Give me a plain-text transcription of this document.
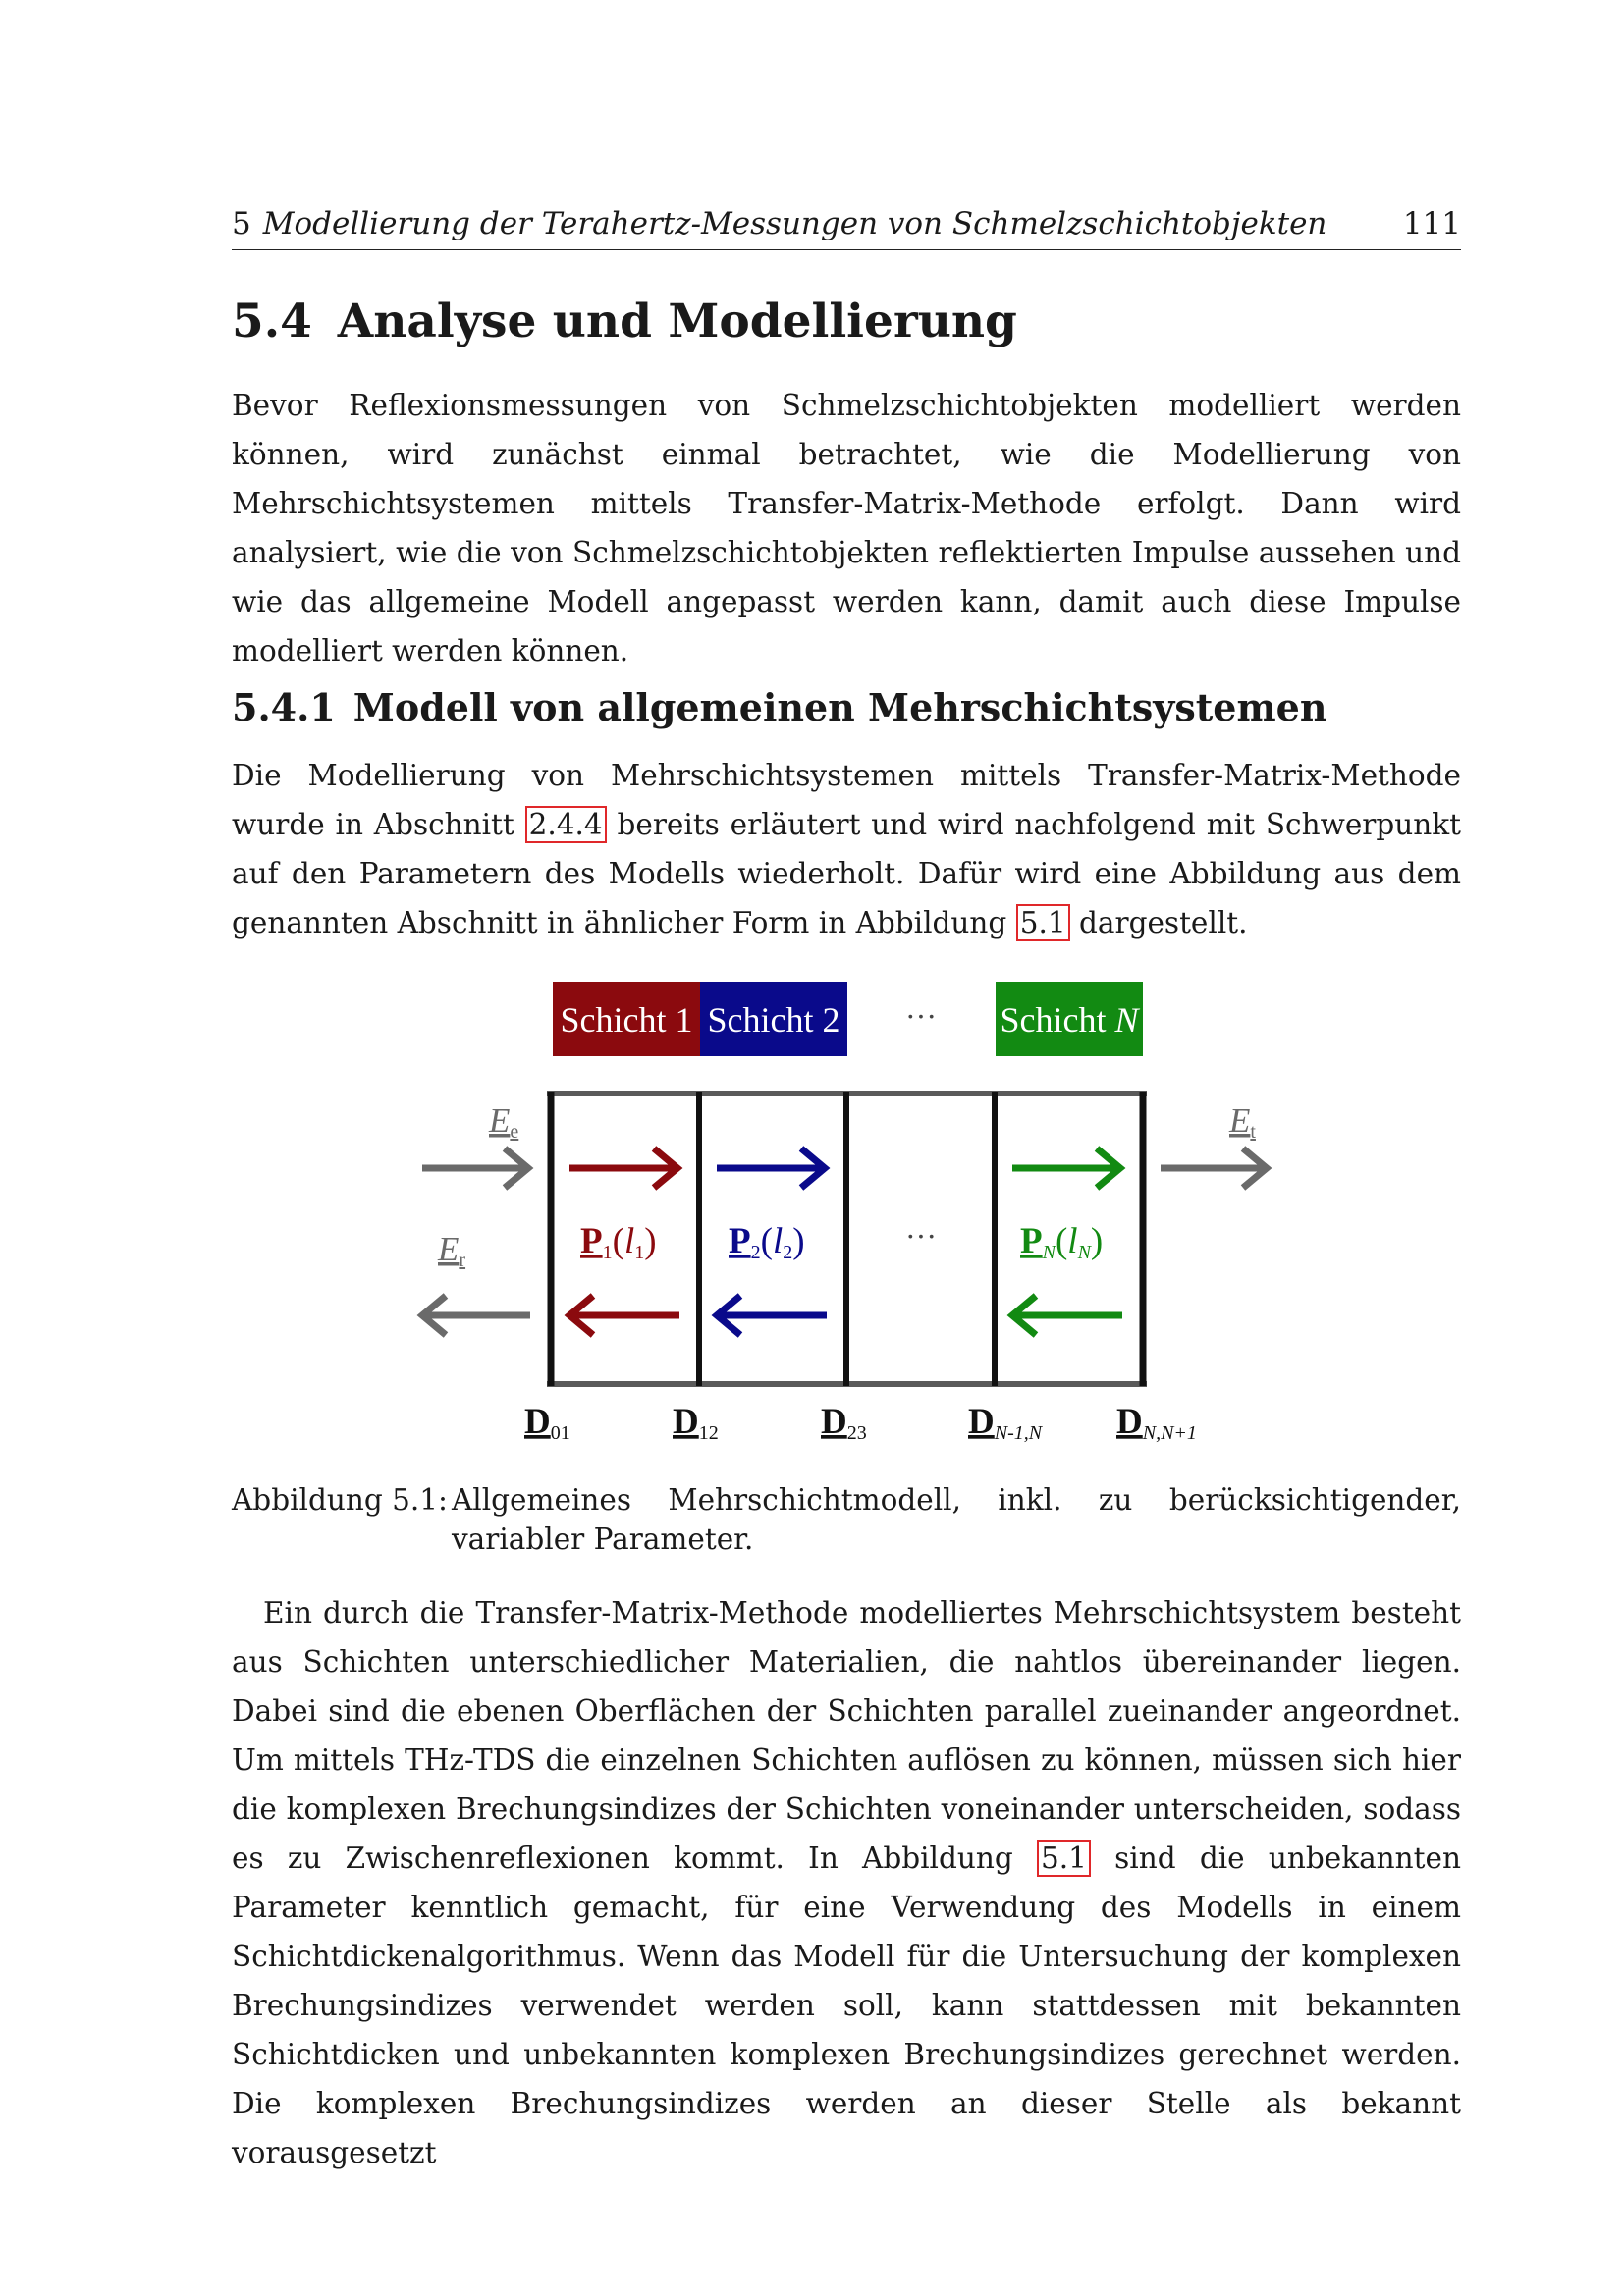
5 Modellierung der Terahertz-Messungen von Schmelzschichtobjekten 111
5.4 Analyse und Modellierung

Bevor Reflexionsmessungen von Schmelzschichtobjekten modelliert werden können, wird zunächst einmal betrachtet, wie die Modellierung von Mehrschichtsystemen mittels Transfer-Matrix-Methode erfolgt. Dann wird analysiert, wie die von Schmelzschichtobjekten reflektierten Impulse aussehen und wie das allgemeine Modell angepasst werden kann, damit auch diese Impulse modelliert werden können.

5.4.1 Modell von allgemeinen Mehrschichtsystemen

Die Modellierung von Mehrschichtsystemen mittels Transfer-Matrix-Methode wurde in Abschnitt 2.4.4 bereits erläutert und wird nachfolgend mit Schwerpunkt auf den Parametern des Modells wiederholt. Dafür wird eine Abbildung aus dem genannten Abschnitt in ähnlicher Form in Abbildung 5.1 dargestellt.

Schicht 1 Schicht 2 ··· Schicht N
Ee	Et
Er	P1(l1) P2(l2)	··· PN(lN)
D01	D12	D23	DN-1,N DN,N+1
Abbildung 5.1: Allgemeines Mehrschichtmodell, inkl. zu berücksichtigender, variabler Parameter.

Ein durch die Transfer-Matrix-Methode modelliertes Mehrschichtsystem besteht aus Schichten unterschiedlicher Materialien, die nahtlos übereinander liegen. Dabei sind die ebenen Oberflächen der Schichten parallel zueinander angeordnet. Um mittels THz-TDS die einzelnen Schichten auflösen zu können, müssen sich hier die komplexen Brechungsindizes der Schichten voneinander unterscheiden, sodass es zu Zwischenreflexionen kommt. In Abbildung 5.1 sind die unbekannten Parameter kenntlich gemacht, für eine Verwendung des Modells in einem Schichtdickenalgorithmus. Wenn das Modell für die Untersuchung der komplexen Brechungsindizes verwendet werden soll, kann stattdessen mit bekannten Schichtdicken und unbekannten komplexen Brechungsindizes gerechnet werden. Die komplexen Brechungsindizes werden an dieser Stelle als bekannt vorausgesetzt
